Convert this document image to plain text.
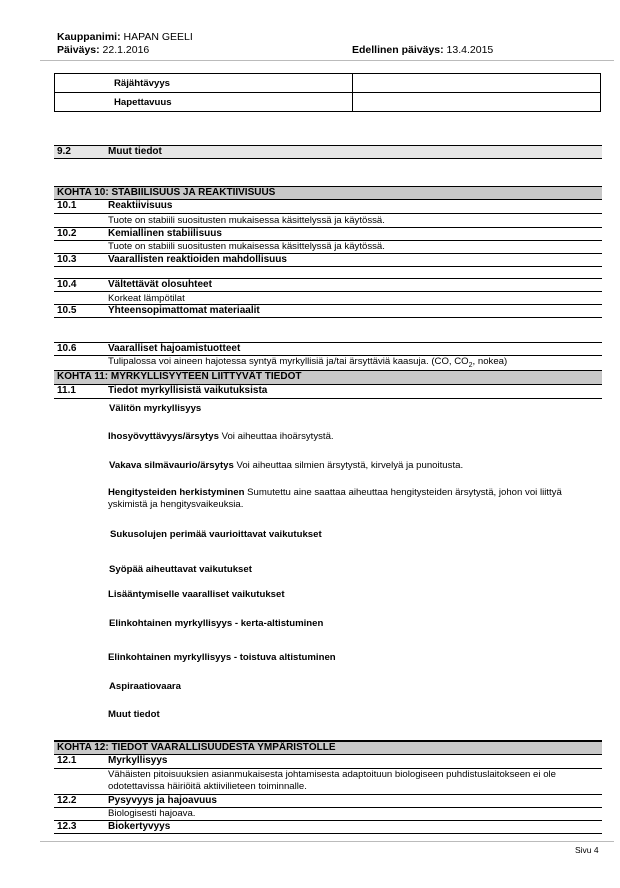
Kauppanimi: HAPAN GEELI
Päiväys: 22.1.2016	Edellinen päiväys: 13.4.2015
Räjähtävyys
Hapettavuus
9.2	Muut tiedot
KOHTA 10: STABIILISUUS JA REAKTIIVISUUS
10.1	Reaktiivisuus
Tuote on stabiili suositusten mukaisessa käsittelyssä ja käytössä.
10.2	Kemiallinen stabiilisuus
Tuote on stabiili suositusten mukaisessa käsittelyssä ja käytössä.
10.3	Vaarallisten reaktioiden mahdollisuus
10.4	Vältettävät olosuhteet
Korkeat lämpötilat
10.5	Yhteensopimattomat materiaalit
10.6	Vaaralliset hajoamistuotteet
Tulipalossa voi aineen hajotessa syntyä myrkyllisiä ja/tai ärsyttäviä kaasuja. (CO, $CO_2$, nokea)
KOHTA 11: MYRKYLLISYYTEEN LIITTYVÄT TIEDOT
11.1	Tiedot myrkyllisistä vaikutuksista
Välitön myrkyllisyys
Ihosyövyttävyys/ärsytys Voi aiheuttaa ihoärsytystä.
Vakava silmävaurio/ärsytys Voi aiheuttaa silmien ärsytystä, kirvelyä ja punoitusta.
Hengitysteiden herkistyminen Sumutettu aine saattaa aiheuttaa hengitysteiden ärsytystä, johon voi liittyä yskimistä ja hengitysvaikeuksia.
Sukusolujen perimää vaurioittavat vaikutukset
Syöpää aiheuttavat vaikutukset
Lisääntymiselle vaaralliset vaikutukset
Elinkohtainen myrkyllisyys - kerta-altistuminen
Elinkohtainen myrkyllisyys - toistuva altistuminen
Aspiraatiovaara
Muut tiedot
KOHTA 12: TIEDOT VAARALLISUUDESTA YMPÄRISTÖLLE
12.1	Myrkyllisyys
Vähäisten pitoisuuksien asianmukaisesta johtamisesta adaptoituun biologiseen puhdistuslaitokseen ei ole odotettavissa häiriöitä aktiivilieteen toiminnalle.
12.2	Pysyvyys ja hajoavuus
Biologisesti hajoava.
12.3	Biokertyvyys
Sivu 4
